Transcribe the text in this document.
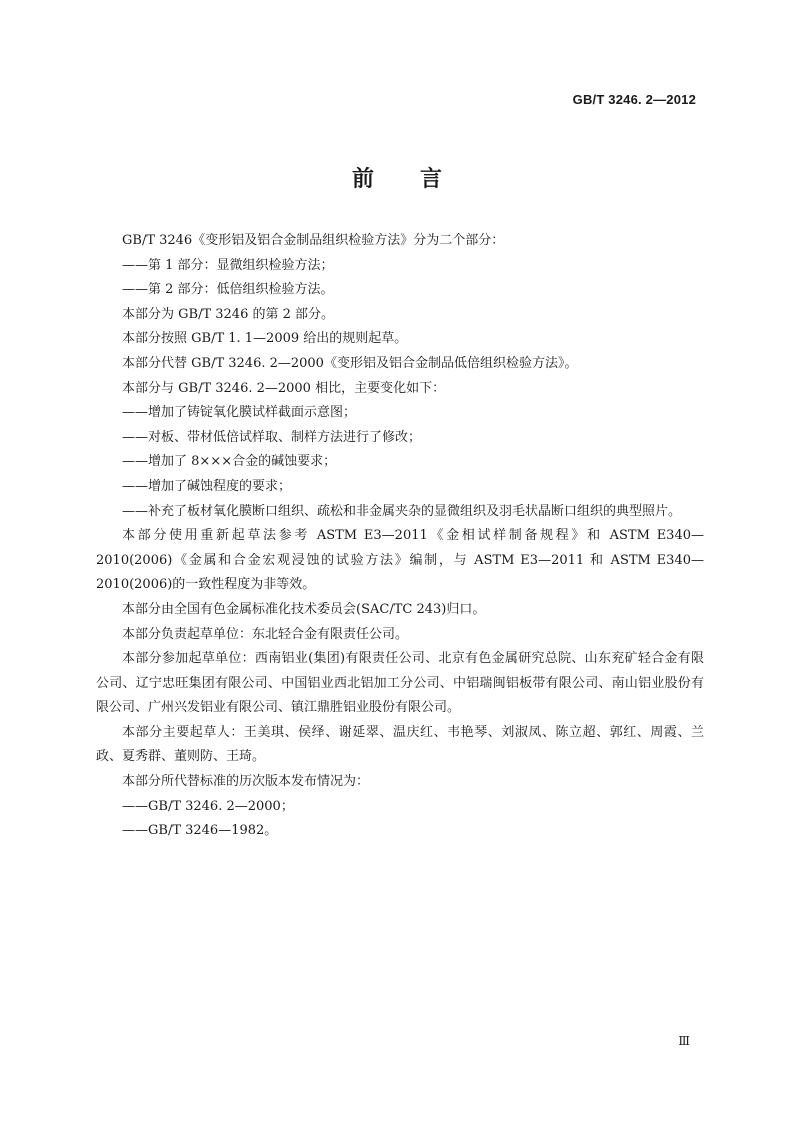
GB/T 3246. 2—2012
前 言

GB/T 3246《变形铝及铝合金制品组织检验方法》分为二个部分：

——第 1 部分：显微组织检验方法；

——第 2 部分：低倍组织检验方法。

本部分为 GB/T 3246 的第 2 部分。

本部分按照 GB/T 1. 1—2009 给出的规则起草。

本部分代替 GB/T 3246. 2—2000《变形铝及铝合金制品低倍组织检验方法》。

本部分与 GB/T 3246. 2—2000 相比，主要变化如下：

——增加了铸锭氧化膜试样截面示意图；

——对板、带材低倍试样取、制样方法进行了修改；

——增加了 8×××合金的碱蚀要求；

——增加了碱蚀程度的要求；

——补充了板材氧化膜断口组织、疏松和非金属夹杂的显微组织及羽毛状晶断口组织的典型照片。

本部分使用重新起草法参考 ASTM E3—2011《金相试样制备规程》和 ASTM E340—2010(2006)《金属和合金宏观浸蚀的试验方法》编制，与 ASTM E3—2011 和 ASTM E340—2010(2006)的一致性程度为非等效。

本部分由全国有色金属标准化技术委员会(SAC/TC 243)归口。

本部分负责起草单位：东北轻合金有限责任公司。

本部分参加起草单位：西南铝业(集团)有限责任公司、北京有色金属研究总院、山东兖矿轻合金有限公司、辽宁忠旺集团有限公司、中国铝业西北铝加工分公司、中铝瑞闽铝板带有限公司、南山铝业股份有限公司、广州兴发铝业有限公司、镇江鼎胜铝业股份有限公司。

本部分主要起草人：王美琪、侯绎、谢延翠、温庆红、韦艳琴、刘淑凤、陈立超、郭红、周霞、兰政、夏秀群、董则防、王琦。

本部分所代替标准的历次版本发布情况为：

——GB/T 3246. 2—2000；

——GB/T 3246—1982。

Ⅲ
